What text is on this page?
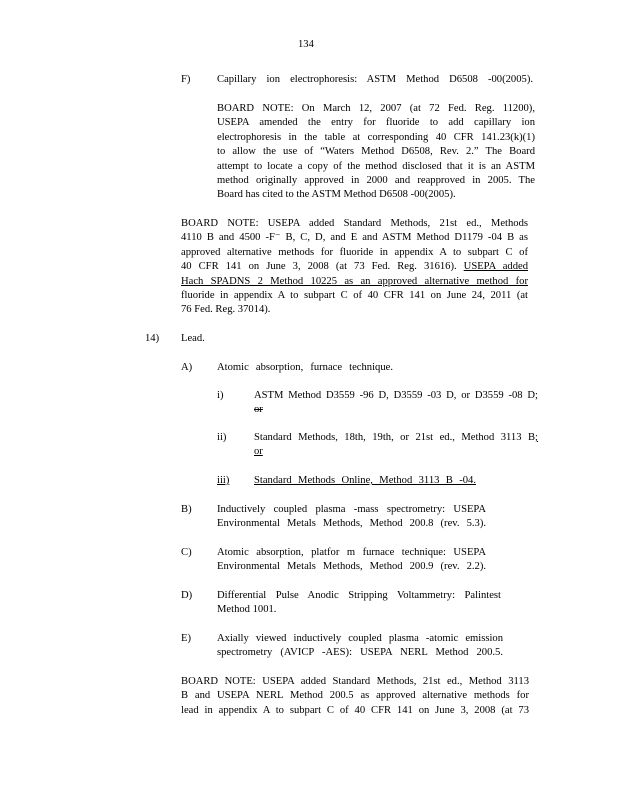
134
F)	Capillary ion electrophoresis: ASTM Method D6508 -00(2005).
BOARD NOTE: On March 12, 2007 (at 72 Fed. Reg. 11200),
USEPA amended the entry for fluoride to add capillary ion
electrophoresis in the table at corresponding 40 CFR 141.23(k)(1)
to allow the use of “Waters Method D6508, Rev. 2.” The Board
attempt to locate a copy of the method disclosed that it is an ASTM
method originally approved in 2000 and reapproved in 2005. The
Board has cited to the ASTM Method D6508 -00(2005).
BOARD NOTE: USEPA added Standard Methods, 21st ed., Methods
4110 B and 4500 -F⁻ B, C, D, and E and ASTM Method D1179 -04 B as
approved alternative methods for fluoride in appendix A to subpart C of
40 CFR 141 on June 3, 2008 (at 73 Fed. Reg. 31616). USEPA added
Hach SPADNS 2 Method 10225 as an approved alternative method for
fluoride in appendix A to subpart C of 40 CFR 141 on June 24, 2011 (at
76 Fed. Reg. 37014).
14) Lead.
A) Atomic absorption, furnace technique.
i)	ASTM Method D3559 -96 D, D3559 -03 D, or D3559 -08 D;
or
ii)	Standard Methods, 18th, 19th, or 21st ed., Method 3113 B;
or
iii) Standard Methods Online, Method 3113 B -04.
B) Inductively coupled plasma -mass spectrometry: USEPA
Environmental Metals Methods, Method 200.8 (rev. 5.3).
C) Atomic absorption, platfor m furnace technique: USEPA
Environmental Metals Methods, Method 200.9 (rev. 2.2).
D) Differential Pulse Anodic Stripping Voltammetry: Palintest
Method 1001.
E) Axially viewed inductively coupled plasma -atomic emission
spectrometry (AVICP -AES): USEPA NERL Method 200.5.
BOARD NOTE: USEPA added Standard Methods, 21st ed., Method 3113
B and USEPA NERL Method 200.5 as approved alternative methods for
lead in appendix A to subpart C of 40 CFR 141 on June 3, 2008 (at 73
